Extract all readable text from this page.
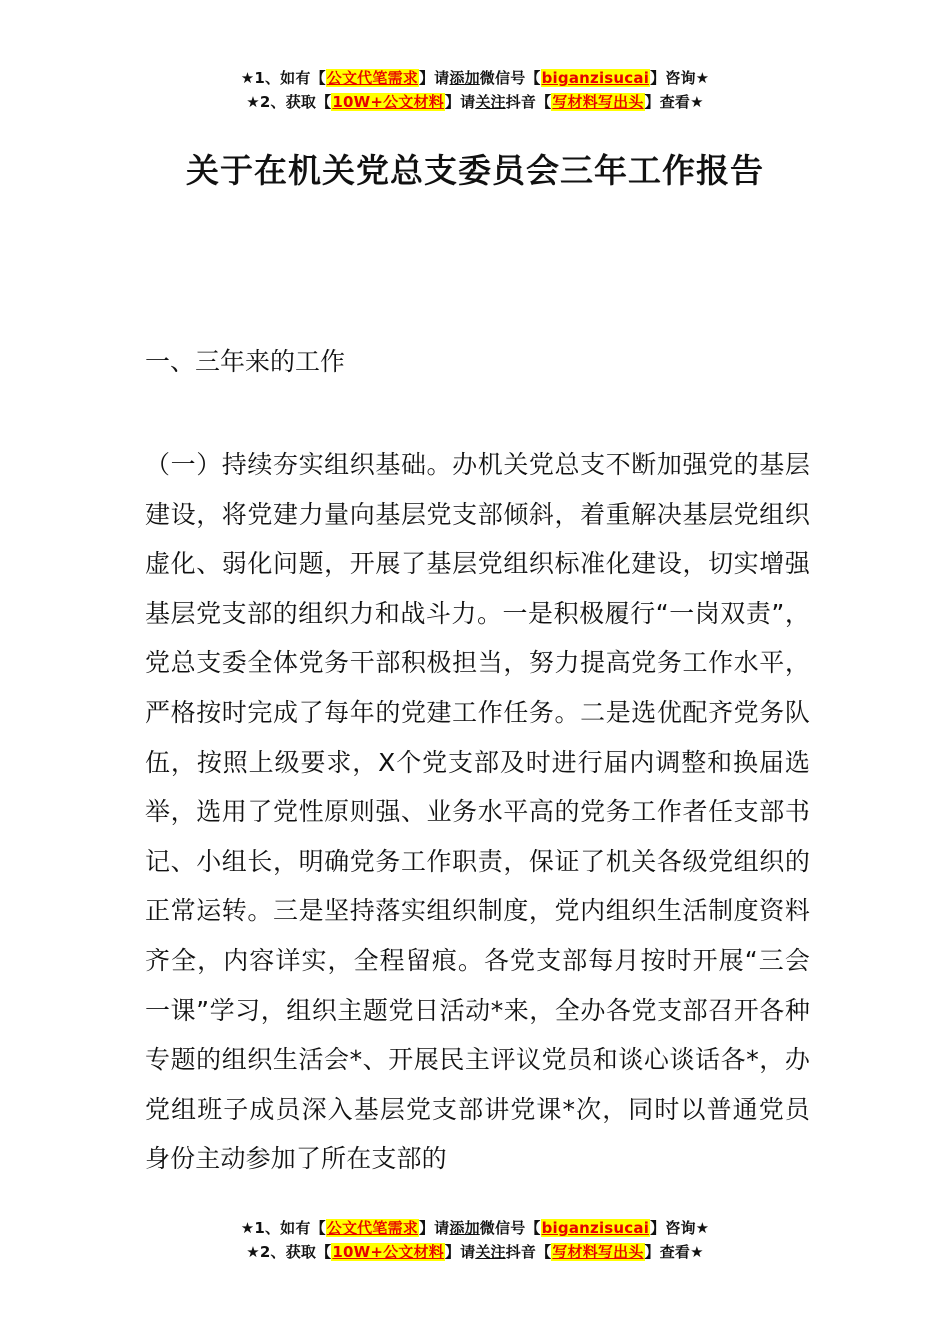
★1、如有【公文代笔需求】请添加微信号【biganzisucai】咨询★
★2、获取【10W+公文材料】请关注抖音【写材料写出头】查看★
关于在机关党总支委员会三年工作报告
一、三年来的工作
（一）持续夯实组织基础。办机关党总支不断加强党的基层建设，将党建力量向基层党支部倾斜，着重解决基层党组织虚化、弱化问题，开展了基层党组织标准化建设，切实增强基层党支部的组织力和战斗力。一是积极履行“一岗双责”，党总支委全体党务干部积极担当，努力提高党务工作水平，严格按时完成了每年的党建工作任务。二是选优配齐党务队伍，按照上级要求，X个党支部及时进行届内调整和换届选举，选用了党性原则强、业务水平高的党务工作者任支部书记、小组长，明确党务工作职责，保证了机关各级党组织的正常运转。三是坚持落实组织制度，党内组织生活制度资料齐全，内容详实，全程留痕。各党支部每月按时开展“三会一课”学习，组织主题党日活动*来，全办各党支部召开各种专题的组织生活会*、开展民主评议党员和谈心谈话各*，办党组班子成员深入基层党支部讲党课*次，同时以普通党员身份主动参加了所在支部的
★1、如有【公文代笔需求】请添加微信号【biganzisucai】咨询★
★2、获取【10W+公文材料】请关注抖音【写材料写出头】查看★
